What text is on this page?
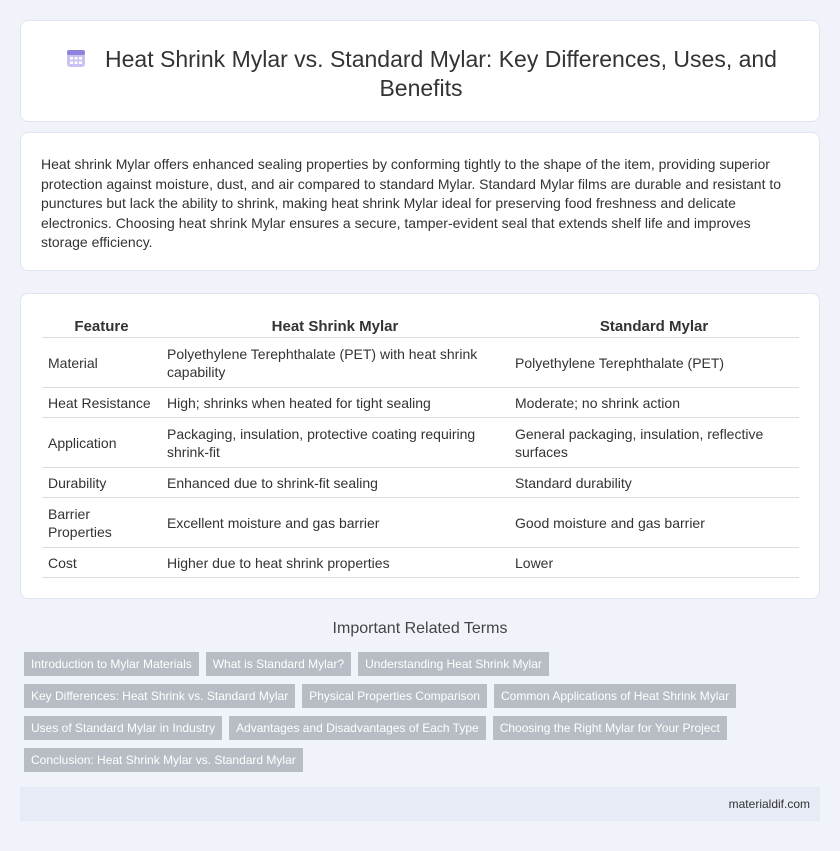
Heat Shrink Mylar vs. Standard Mylar: Key Differences, Uses, and Benefits

Heat shrink Mylar offers enhanced sealing properties by conforming tightly to the shape of the item, providing superior protection against moisture, dust, and air compared to standard Mylar. Standard Mylar films are durable and resistant to punctures but lack the ability to shrink, making heat shrink Mylar ideal for preserving food freshness and delicate electronics. Choosing heat shrink Mylar ensures a secure, tamper-evident seal that extends shelf life and improves storage efficiency.

Feature	Heat Shrink Mylar	Standard Mylar
Material	Polyethylene Terephthalate (PET) with heat shrink capability	Polyethylene Terephthalate (PET)
Heat Resistance	High; shrinks when heated for tight sealing	Moderate; no shrink action
Application	Packaging, insulation, protective coating requiring shrink-fit	General packaging, insulation, reflective surfaces
Durability	Enhanced due to shrink-fit sealing	Standard durability
Barrier Properties	Excellent moisture and gas barrier	Good moisture and gas barrier
Cost	Higher due to heat shrink properties	Lower
Important Related Terms
Introduction to Mylar Materials	What is Standard Mylar?	Understanding Heat Shrink Mylar
Key Differences: Heat Shrink vs. Standard Mylar	Physical Properties Comparison	Common Applications of Heat Shrink Mylar
Uses of Standard Mylar in Industry	Advantages and Disadvantages of Each Type	Choosing the Right Mylar for Your Project
Conclusion: Heat Shrink Mylar vs. Standard Mylar
materialdif.com
